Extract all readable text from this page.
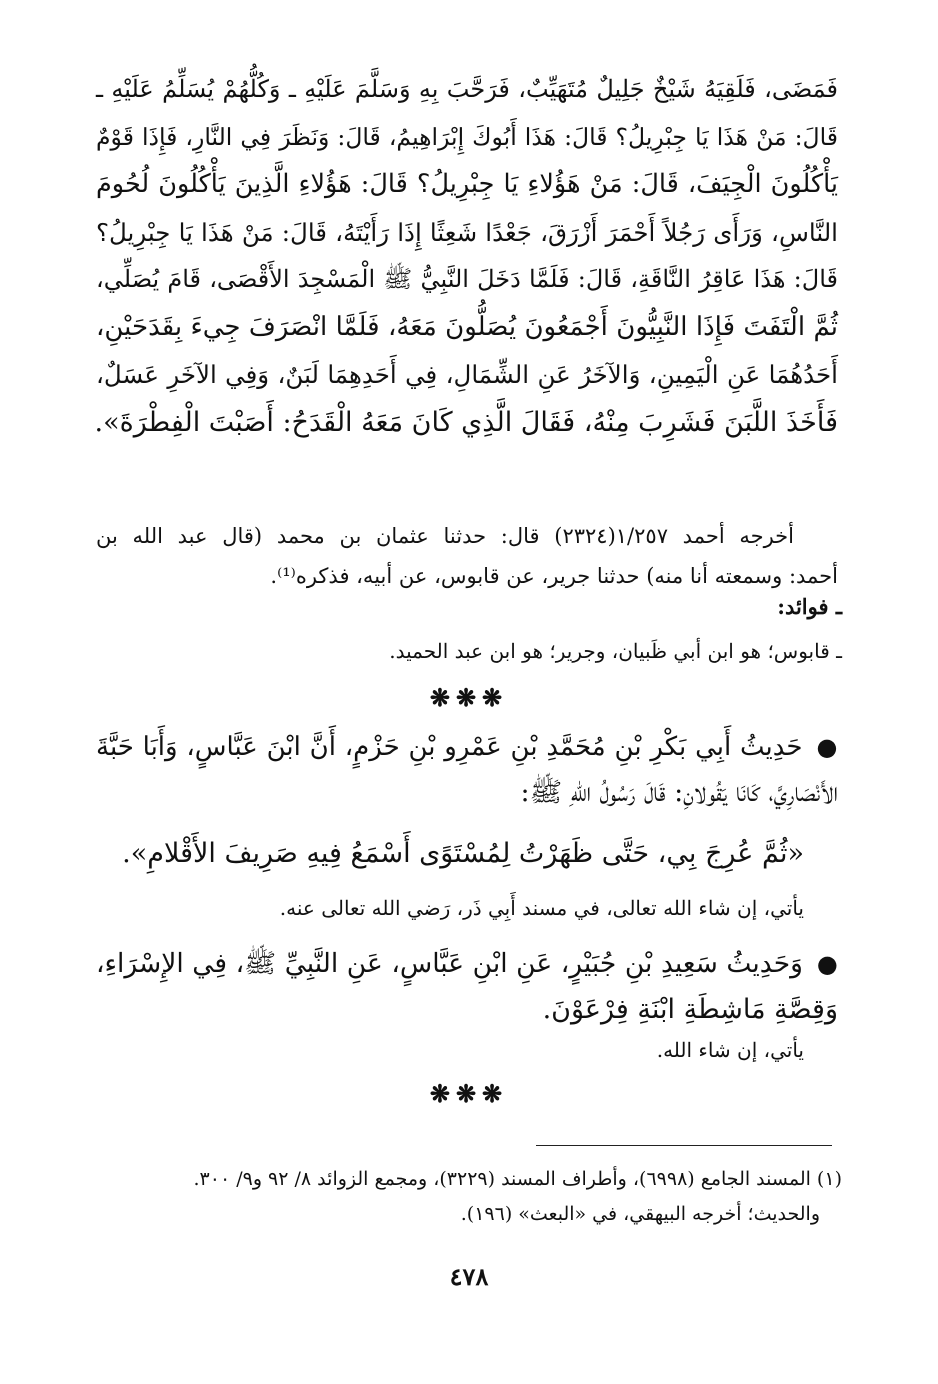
فَمَضَى، فَلَقِيَهُ شَيْخٌ جَلِيلٌ مُتَهَيِّبٌ، فَرَحَّبَ بِهِ وَسَلَّمَ عَلَيْهِ ـ وَكُلُّهُمْ يُسَلِّمُ عَلَيْهِ ـ
قَالَ: مَنْ هَذَا يَا جِبْرِيلُ؟ قَالَ: هَذَا أَبُوكَ إِبْرَاهِيمُ، قَالَ: وَنَظَرَ فِي النَّارِ، فَإِذَا قَوْمٌ
يَأْكُلُونَ الْجِيَفَ، قَالَ: مَنْ هَؤُلاءِ يَا جِبْرِيلُ؟ قَالَ: هَؤُلاءِ الَّذِينَ يَأْكُلُونَ لُحُومَ
النَّاسِ، وَرَأَى رَجُلاً أَحْمَرَ أَزْرَقَ، جَعْدًا شَعِثًا إِذَا رَأَيْتَهُ، قَالَ: مَنْ هَذَا يَا جِبْرِيلُ؟
قَالَ: هَذَا عَاقِرُ النَّاقَةِ، قَالَ: فَلَمَّا دَخَلَ النَّبِيُّ ﷺ الْمَسْجِدَ الأَقْصَى، قَامَ يُصَلِّي،
ثُمَّ الْتَفَتَ فَإِذَا النَّبِيُّونَ أَجْمَعُونَ يُصَلُّونَ مَعَهُ، فَلَمَّا انْصَرَفَ جِيءَ بِقَدَحَيْنِ،
أَحَدُهُمَا عَنِ الْيَمِينِ، وَالآخَرُ عَنِ الشِّمَالِ، فِي أَحَدِهِمَا لَبَنٌ، وَفِي الآخَرِ عَسَلٌ،
فَأَخَذَ اللَّبَنَ فَشَرِبَ مِنْهُ، فَقَالَ الَّذِي كَانَ مَعَهُ الْقَدَحُ: أَصَبْتَ الْفِطْرَةَ».
أخرجه أحمد ١/٢٥٧(٢٣٢٤) قال: حدثنا عثمان بن محمد (قال عبد الله بن
أحمد: وسمعته أنا منه) حدثنا جرير، عن قابوس، عن أبيه، فذكره⁽¹⁾.

ـ فوائد:

ـ قابوس؛ هو ابن أبي ظَبيان، وجرير؛ هو ابن عبد الحميد.

❋❋❋

●حَدِيثُ أَبِي بَكْرِ بْنِ مُحَمَّدِ بْنِ عَمْرِو بْنِ حَزْمٍ، أَنَّ ابْنَ عَبَّاسٍ، وَأَبَا حَبَّةَ
الأَنْصَارِيَّ، كَانَا يَقُولانِ: قَالَ رَسُولُ اللهِ ﷺ:

«ثُمَّ عُرِجَ بِي، حَتَّى ظَهَرْتُ لِمُسْتَوًى أَسْمَعُ فِيهِ صَرِيفَ الأَقْلامِ».

يأتي، إن شاء الله تعالى، في مسند أَبِي ذَر، رَضي الله تعالى عنه.

●وَحَدِيثُ سَعِيدِ بْنِ جُبَيْرٍ، عَنِ ابْنِ عَبَّاسٍ، عَنِ النَّبِيِّ ﷺ، فِي الإِسْرَاءِ،
وَقِصَّةِ مَاشِطَةِ ابْنَةِ فِرْعَوْنَ.

يأتي، إن شاء الله.

❋❋❋

(١) المسند الجامع (٦٩٩٨)، وأطراف المسند (٣٢٢٩)، ومجمع الزوائد ٨/ ٩٢ و٩/ ٣٠٠.
والحديث؛ أخرجه البيهقي، في «البعث» (١٩٦).

٤٧٨
